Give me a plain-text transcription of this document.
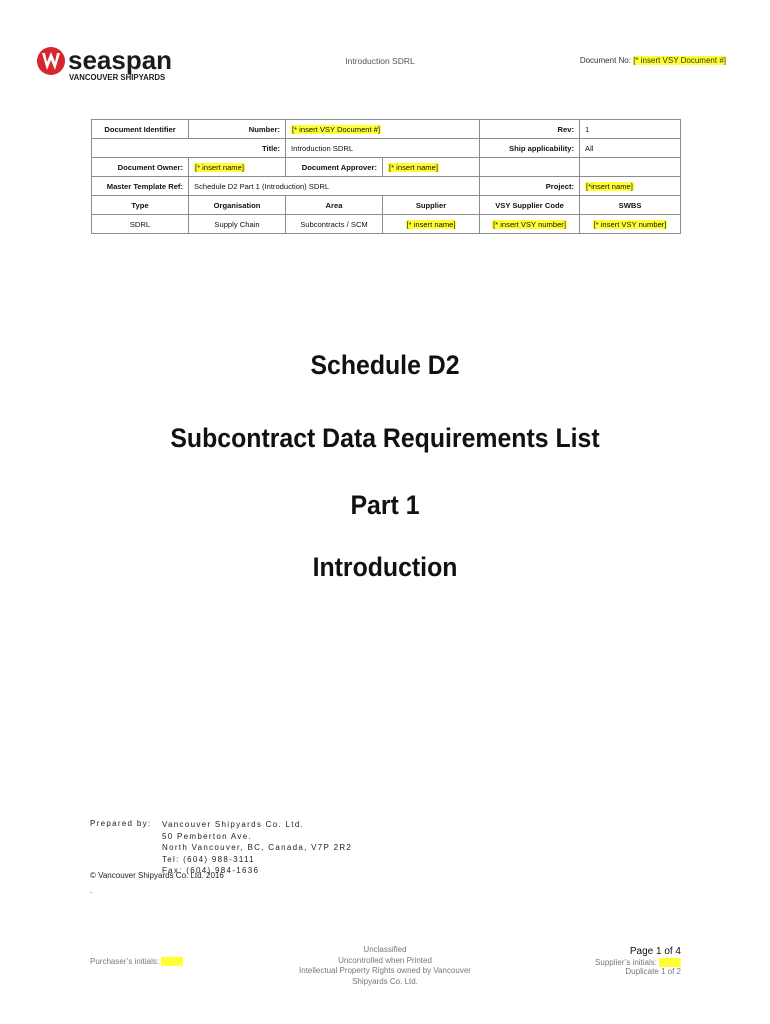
seaspan
VANCOUVER SHIPYARDS
Introduction SDRL	Document No: [* insert VSY Document #]
Document Identifier	Number:	[* insert VSY Document #]		Rev:	1
Title:		Introduction SDRL		Ship applicability:	All
Document Owner:	[* insert name]	Document Approver:	[* insert name]		
Master Template Ref:	Schedule D2 Part 1 (Introduction) SDRL			Project:	[*insert name]
Type	Organisation	Area	Supplier	VSY Supplier Code	SWBS
SDRL	Supply Chain	Subcontracts / SCM	[* insert name]	[* insert VSY number]	[* insert VSY number]
Schedule D2
Subcontract Data Requirements List
Part 1
Introduction
Prepared by: Vancouver Shipyards Co. Ltd.
50 Pemberton Ave.
North Vancouver, BC, Canada, V7P 2R2
Tel: (604) 988-3111
Fax: (604) 984-1636
© Vancouver Shipyards Co. Ltd. 2016
.
Purchaser’s initials:
Unclassified
Uncontrolled when Printed
Intellectual Property Rights owned by Vancouver
Shipyards Co. Ltd.
Page 1 of 4
Supplier’s initials:
Duplicate 1 of 2
